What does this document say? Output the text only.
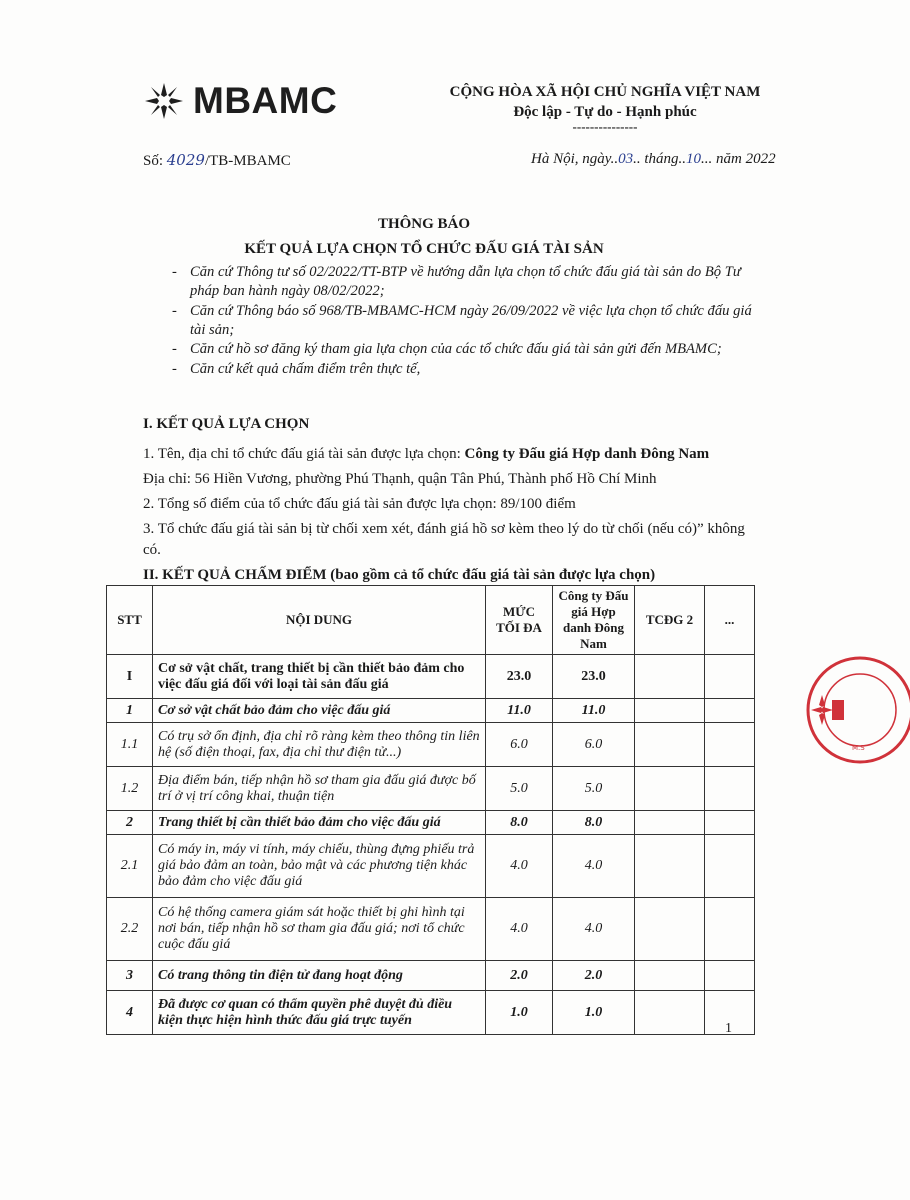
MBAMC	CỘNG HÒA XÃ HỘI CHỦ NGHĨA VIỆT NAM
Độc lập - Tự do - Hạnh phúc
---------------
Số: 4029/TB-MBAMC	Hà Nội, ngày..03.. tháng..10... năm 2022
THÔNG BÁO
KẾT QUẢ LỰA CHỌN TỔ CHỨC ĐẤU GIÁ TÀI SẢN
- Căn cứ Thông tư số 02/2022/TT-BTP về hướng dẫn lựa chọn tổ chức đấu giá tài sản do Bộ Tư pháp ban hành ngày 08/02/2022;
- Căn cứ Thông báo số 968/TB-MBAMC-HCM ngày 26/09/2022 về việc lựa chọn tổ chức đấu giá tài sản;
- Căn cứ hồ sơ đăng ký tham gia lựa chọn của các tổ chức đấu giá tài sản gửi đến MBAMC;
- Căn cứ kết quả chấm điểm trên thực tế,
I. KẾT QUẢ LỰA CHỌN
1. Tên, địa chỉ tổ chức đấu giá tài sản được lựa chọn: Công ty Đấu giá Hợp danh Đông Nam
Địa chỉ: 56 Hiền Vương, phường Phú Thạnh, quận Tân Phú, Thành phố Hồ Chí Minh
2. Tổng số điểm của tổ chức đấu giá tài sản được lựa chọn: 89/100 điểm
3. Tổ chức đấu giá tài sản bị từ chối xem xét, đánh giá hồ sơ kèm theo lý do từ chối (nếu có)” không có.
II. KẾT QUẢ CHẤM ĐIỂM (bao gồm cả tổ chức đấu giá tài sản được lựa chọn)
STT	NỘI DUNG	MỨC TỐI ĐA	Công ty Đấu giá Hợp danh Đông Nam	TCĐG 2	...
I	Cơ sở vật chất, trang thiết bị cần thiết bảo đảm cho việc đấu giá đối với loại tài sản đấu giá	23.0	23.0		
1	Cơ sở vật chất bảo đảm cho việc đấu giá	11.0	11.0		
1.1	Có trụ sở ổn định, địa chỉ rõ ràng kèm theo thông tin liên hệ (số điện thoại, fax, địa chỉ thư điện tử...)	6.0	6.0		
1.2	Địa điểm bán, tiếp nhận hồ sơ tham gia đấu giá được bố trí ở vị trí công khai, thuận tiện	5.0	5.0		
2	Trang thiết bị cần thiết bảo đảm cho việc đấu giá	8.0	8.0		
2.1	Có máy in, máy vi tính, máy chiếu, thùng đựng phiếu trả giá bảo đảm an toàn, bảo mật và các phương tiện khác bảo đảm cho việc đấu giá	4.0	4.0		
2.2	Có hệ thống camera giám sát hoặc thiết bị ghi hình tại nơi bán, tiếp nhận hồ sơ tham gia đấu giá; nơi tổ chức cuộc đấu giá	4.0	4.0		
3	Có trang thông tin điện tử đang hoạt động	2.0	2.0		
4	Đã được cơ quan có thẩm quyền phê duyệt đủ điều kiện thực hiện hình thức đấu giá trực tuyến	1.0	1.0		
1
M.S
